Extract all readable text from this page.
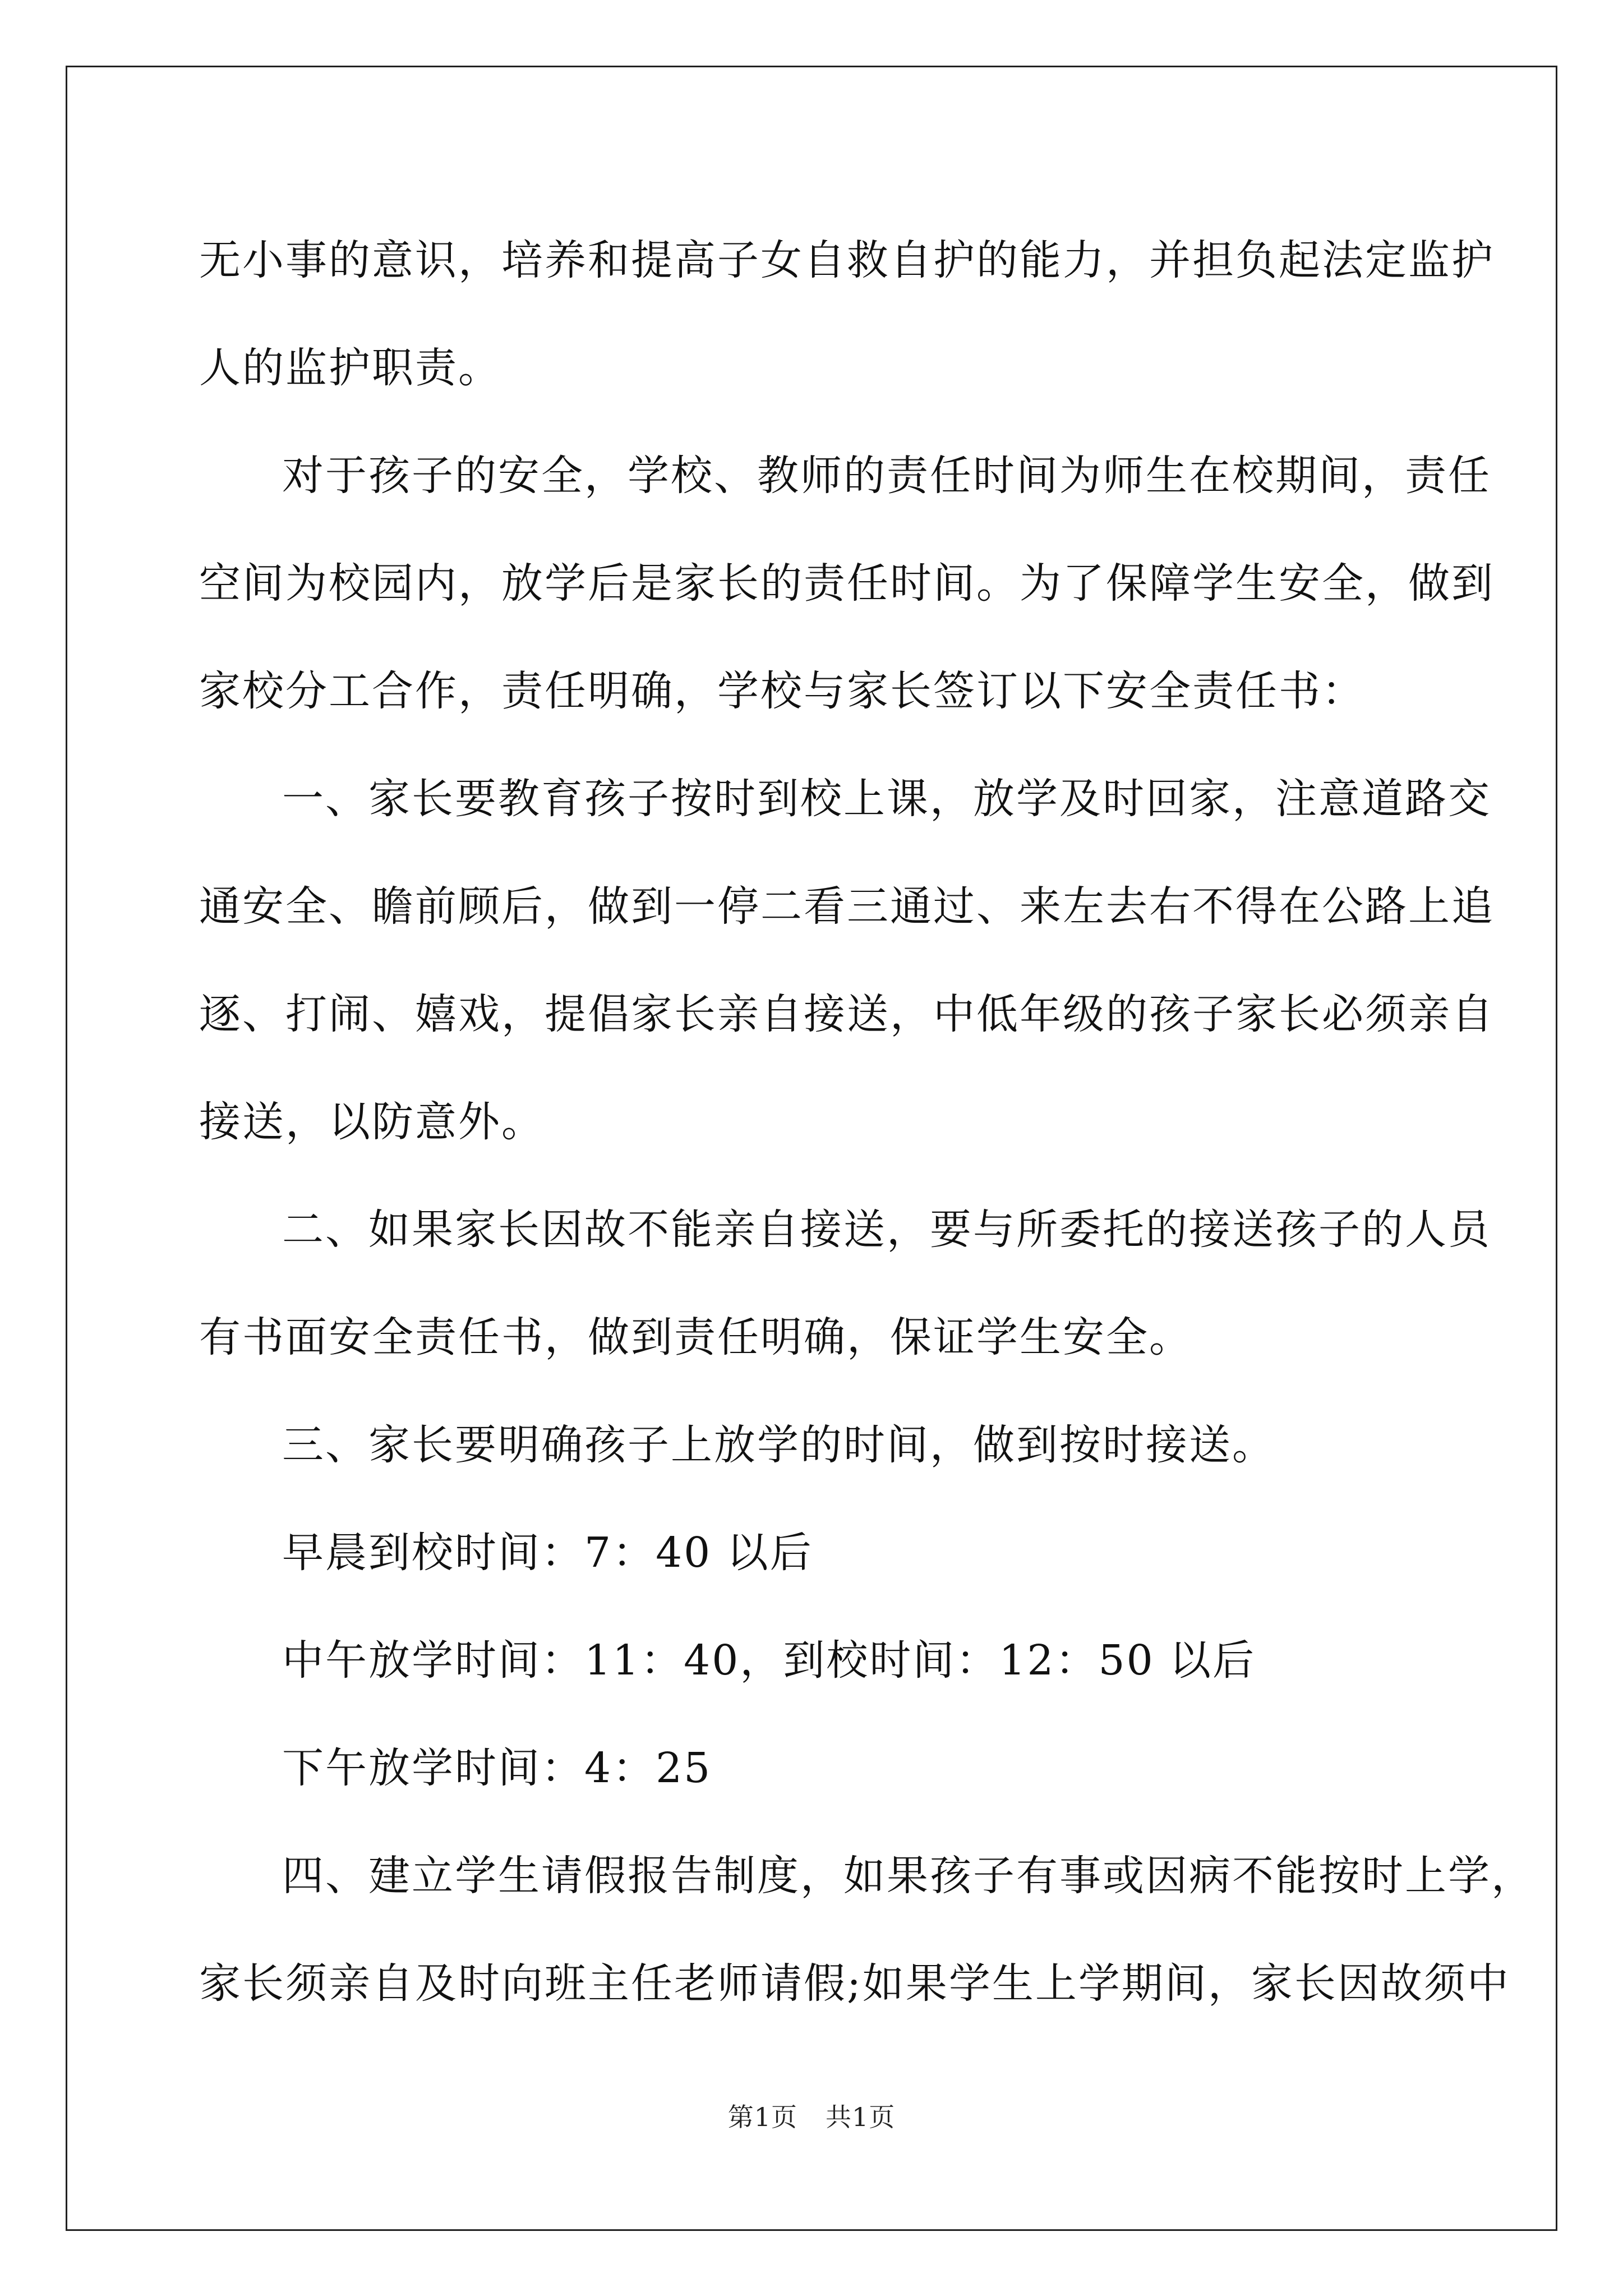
无小事的意识，培养和提高子女自救自护的能力，并担负起法定监护
人的监护职责。
对于孩子的安全，学校、教师的责任时间为师生在校期间，责任
空间为校园内，放学后是家长的责任时间。为了保障学生安全，做到
家校分工合作，责任明确，学校与家长签订以下安全责任书：
一、家长要教育孩子按时到校上课，放学及时回家，注意道路交
通安全、瞻前顾后，做到一停二看三通过、来左去右不得在公路上追
逐、打闹、嬉戏，提倡家长亲自接送，中低年级的孩子家长必须亲自
接送，以防意外。
二、如果家长因故不能亲自接送，要与所委托的接送孩子的人员
有书面安全责任书，做到责任明确，保证学生安全。
三、家长要明确孩子上放学的时间，做到按时接送。
早晨到校时间：7：40 以后
中午放学时间：11：40，到校时间：12：50 以后
下午放学时间：4：25
四、建立学生请假报告制度，如果孩子有事或因病不能按时上学，
家长须亲自及时向班主任老师请假;如果学生上学期间，家长因故须中
第1页 共1页
